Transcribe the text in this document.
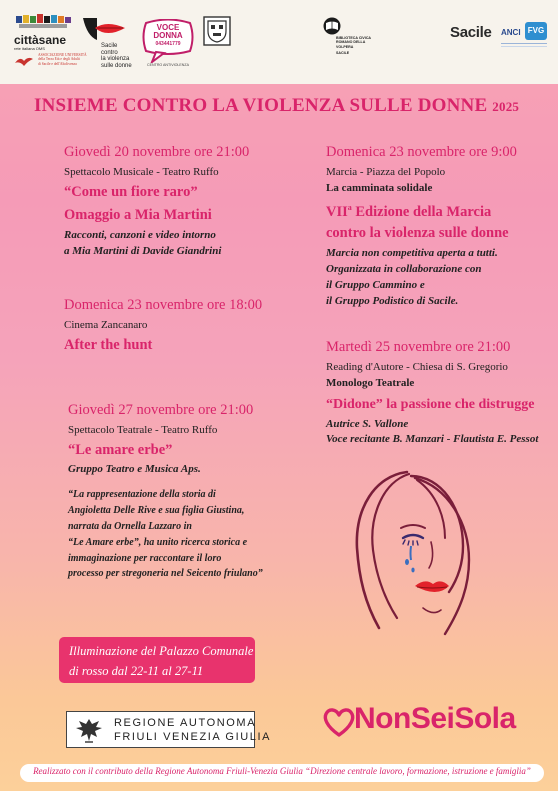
cittàsane
rete italiana OMS
ASSOCIAZIONE UNIVERSITÀ
della Terza Età e degli Adulti
di Sacile e dell'Altolivenza
Sacile
contro
la violenza
sulle donne
VOCE
DONNA
043441779
CENTRO ANTIVIOLENZA
BIBLIOTECA CIVICA
ROMANO DELLA
VOLPERA
SACILE
Sacile ANCI FVG
INSIEME CONTRO LA VIOLENZA SULLE DONNE 2025
Giovedì 20 novembre ore 21:00
Spettacolo Musicale - Teatro Ruffo
“Come un fiore raro”
Omaggio a Mia Martini
Racconti, canzoni e video intorno
a Mia Martini di Davide Giandrini
Domenica 23 novembre ore 18:00
Cinema Zancanaro
After the hunt
Giovedì 27 novembre ore 21:00
Spettacolo Teatrale - Teatro Ruffo
“Le amare erbe”
Gruppo Teatro e Musica Aps.
“La rappresentazione della storia di
Angioletta Delle Rive e sua figlia Giustina,
narrata da Ornella Lazzaro in
“Le Amare erbe”, ha unito ricerca storica e
immaginazione per raccontare il loro
processo per stregoneria nel Seicento friulano”
Domenica 23 novembre ore 9:00
Marcia - Piazza del Popolo
La camminata solidale
VII$^a$ Edizione della Marcia
contro la violenza sulle donne
Marcia non competitiva aperta a tutti.
Organizzata in collaborazione con
il Gruppo Cammino e
il Gruppo Podistico di Sacile.
Martedì 25 novembre ore 21:00
Reading d'Autore - Chiesa di S. Gregorio
Monologo Teatrale
“Didone” la passione che distrugge
Autrice S. Vallone
Voce recitante B. Manzari - Flautista E. Pessot
Illuminazione del Palazzo Comunale
di rosso dal 22-11 al 27-11
REGIONE AUTONOMA
FRIULI VENEZIA GIULIA
NonSeiSola
Realizzato con il contributo della Regione Autonoma Friuli-Venezia Giulia “Direzione centrale lavoro, formazione, istruzione e famiglia”
